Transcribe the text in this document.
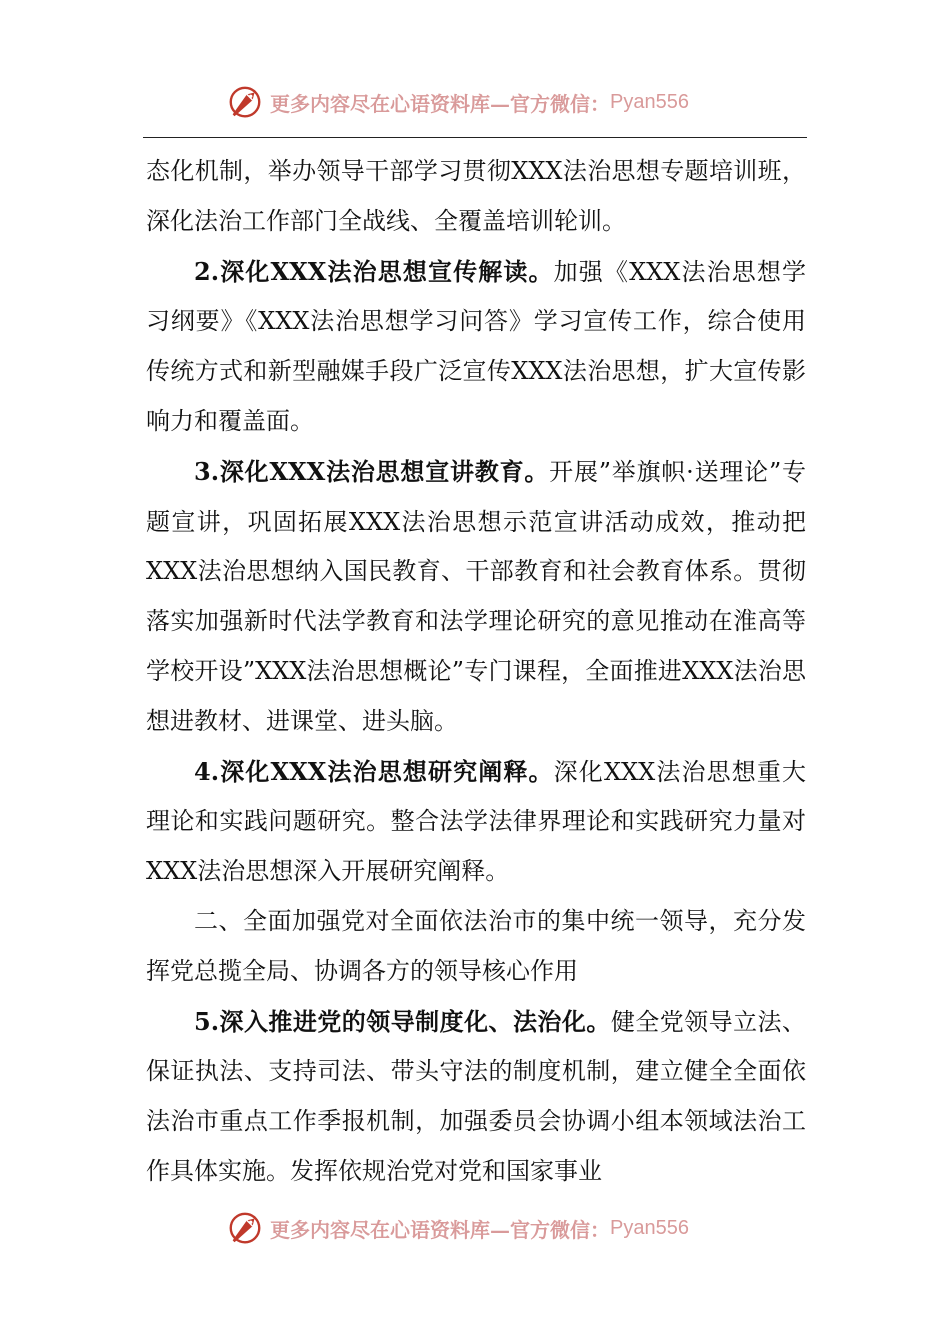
更多内容尽在心语资料库—官方微信： Pyan556

态化机制，举办领导干部学习贯彻XXX法治思想专题培训班，深化法治工作部门全战线、全覆盖培训轮训。

2.深化XXX法治思想宣传解读。加强《XXX法治思想学习纲要》《XXX法治思想学习问答》学习宣传工作，综合使用传统方式和新型融媒手段广泛宣传XXX法治思想，扩大宣传影响力和覆盖面。

3.深化XXX法治思想宣讲教育。开展”举旗帜·送理论”专题宣讲，巩固拓展XXX法治思想示范宣讲活动成效，推动把XXX法治思想纳入国民教育、干部教育和社会教育体系。贯彻落实加强新时代法学教育和法学理论研究的意见推动在淮高等学校开设”XXX法治思想概论”专门课程，全面推进XXX法治思想进教材、进课堂、进头脑。

4.深化XXX法治思想研究阐释。深化XXX法治思想重大理论和实践问题研究。整合法学法律界理论和实践研究力量对XXX法治思想深入开展研究阐释。

二、全面加强党对全面依法治市的集中统一领导，充分发挥党总揽全局、协调各方的领导核心作用

5.深入推进党的领导制度化、法治化。健全党领导立法、保证执法、支持司法、带头守法的制度机制，建立健全全面依法治市重点工作季报机制，加强委员会协调小组本领域法治工作具体实施。发挥依规治党对党和国家事业

更多内容尽在心语资料库—官方微信： Pyan556
